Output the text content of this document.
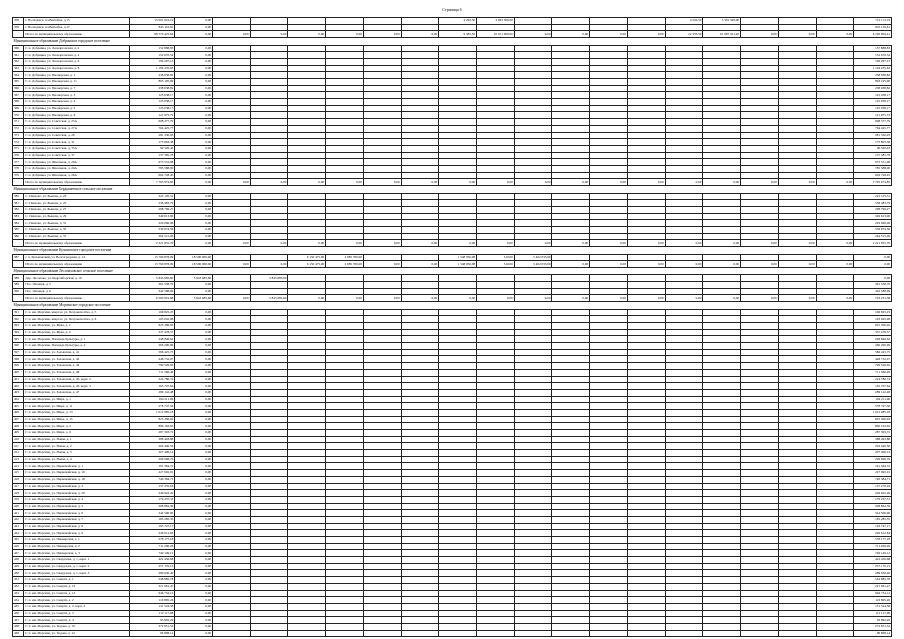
Страница 6
358	г. Волходжск, пл.Ваткобка, д.15	15 001 623,19	0,00							4 292,30	4 903 500,00					4 242,50	5 301 328,00				710 113,19
359	г. Волходжск, пл.Ваткобка, д.17	845 116,81	0,00																		845 116,81
	Итого по муниципальному образованию	98 770 425,64	0,00	0,00	0,00	0,00	0,00	0,00	0,00	9 383,50	10 071 000,00	0,00	0,00	0,00	0,00	22 333,50	61 997 321,20	0,00	0,00	0,00	6 700 094,41
Муниципальное образование Добрянское городское поселение																					
360	Г. п. Добрянка, ул. Леонарговская, д. 2	152 888,83	0,00																		157 888,83
361	Г. п. Добрянка, ул. Леонарговская, д. 4	152 670,54	0,00																		152 670,54
362	Г. п. Добрянка, ул. Леонарговская, д. 6	196 297,13	0,00																		196 297,13
363	Г. п. Добрянка, ул. Леонарговская, д. 8	1 194 235,63	0,00																		1 194 235,63
364	Г. п. Добрянка, ул. Пионерская, д. 1	238 038,82	0,00																		238 038,82
365	Г. п. Добрянка, ул. Пионерская, д. 11	803 195,90	0,00																		803 195,90
366	Г. п. Добрянка, ул. Пионерская, д. 7	238 038,82	0,00																		238 038,82
367	Г. п. Добрянка, ул. Пионерская, д. 3	125 038,17	0,00																		125 038,17
368	Г. п. Добрянка, ул. Пионерская, д. 4	125 038,17	0,00																		125 038,17
369	Г. п. Добрянка, ул. Пионерская, д. 5	125 038,17	0,00																		125 038,17
370	Г. п. Добрянка, ул. Пионерская, д. 6	121 975,72	0,00																		121 975,72
371	Г. п. Добрянка, ул. Советская, д. 25А	608 377,79	0,00																		608 377,79
372	Г. п. Добрянка, ул. Советская, д. 27А	764 425,77	0,00																		764 425,77
373	Г. п. Добрянка, ул. Советская, д. 29	281 330,93	0,00																		281 330,93
374	Г. п. Добрянка, ул. Советская, д. 31	175 803,38	0,00																		175 803,38
375	Г. п. Добрянка, ул. Советская, д. 35А	90 520,43	0,00																		90 520,43
376	Г. п. Добрянка, ул. Советская, д. 37	137 385,78	0,00																		137 385,78
377	Г. п. Добрянка, ул. Школьная, д. 20А	673 531,08	0,00																		673 531,08
378	Г. п. Добрянка, ул. Школьная, д. 24А	785 588,90	0,00																		785 588,90
379	Г. п. Добрянка, ул. Школьная, д. 26А	604 728,45	0,00																		604 728,45
	Итого по муниципальному образованию	7 795 974,85	0,00	0,00	0,00	0,00	0,00	0,00	0,00	0,00	0,00	0,00	0,00	0,00	0,00	0,00	0,00	0,00	0,00	0,00	7 795 974,85
Муниципальное образование Бердышевское сельское поселение																					
380	С. Павлово, ул. Бынова, д. 23	222 105,31	0,00																		222 105,31
381	С. Павлово, ул. Бынова, д. 25	538 483,79	0,00																		538 483,79
382	С. Павлово, ул. Бынова, д. 27	298 796,27	0,00																		298 796,27
383	С. Павлово, ул. Бынова, д. 29	349 613,90	0,00																		349 613,90
384	С. Павлово, ул. Бынова, д. 31	229 090,06	0,00																		229 090,06
385	С. Павлово, ул. Бынова, д. 35	539 074,56	0,00																		539 074,56
386	С. Павлово, ул. Бынова, д. 37	264 515,06	0,00																		264 515,06
	Итого по муниципальному образованию	2 221 855,70	0,00	0,00	0,00	0,00	0,00	0,00	0,00	0,00	0,00	0,00	0,00	0,00	0,00	0,00	0,00	0,00	0,00	0,00	2 221 855,70
Муниципальное образование Кузьмовское городское поселение																					
387	г. п. Кузьмовский, ул. Волгоградская, д. 14	15 790 878,09	18 500 000,00			6 150 475,00	2 685 700,00			1 548 956,08	510,00	5 402 033,99									0,00
	Итого по муниципальному образованию	15 790 878,09	18 500 000,00	0,00	0,00	6 150 475,00	2 685 700,00	0,00	0,00	1 548 956,08	510,00	5 402 033,99	0,00	0,00	0,00	0,00	0,00	0,00	0,00	0,00	0,00
Муниципальное образование Лесопаховское сельское поселение																					
388	Дер. Лесопово, ул. Кедровборская, д. 10	5 843 685,60	5 843 685,60		5 843 685,60																0,00
389	Пос. Овсецев, д. 5	361 538,70	0,00																		361 538,70
390	Пос. Овсецев, д. 6	342 588,99	0,00																		342 588,99
	Итого по муниципальному образованию	6 560 919,88	5 843 685,60	0,00	5 843 685,60	0,00	0,00	0,00	0,00	0,00	0,00	0,00	0,00	0,00	0,00	0,00	0,00	0,00	0,00	0,00	703 231,38
Муниципальное образование Моргинское городское поселение																					
391	Г. п. им. Моргина, квартал. ул. Петровскоттна, д. 5	166 825,25	0,00																		166 825,25
392	Г. п. им. Моргина, квартал. ул. Петровскоттна, д. 6	193 045,96	0,00																		193 045,96
393	Г. п. им. Моргина, ул. Жука, д. 2	825 396,92	0,00																		825 396,92
394	Г. п. им. Моргина, ул. Жука, д. 4	337 478,57	0,00																		337 478,57
395	Г. п. им. Моргина, Площадь Культуры, д. 1	248 846,62	0,00																		248 846,62
396	Г. п. им. Моргина, Площадь Культуры, д. 2	266 290,99	0,00																		266 290,99
397	Г. п. им. Моргина, ул. Заложская, д. 41	586 425,75	0,00																		586 425,75
398	Г. п. им. Моргина, ул. Заложская, д. 42	448 732,07	0,00																		448 732,07
399	Г. п. им. Моргина, ул. Заложская, д. 44	799 526,92	0,00																		799 526,92
400	Г. п. им. Моргина, ул. Заложская, д. 46	711 566,49	0,00																		711 566,49
401	Г. п. им. Моргина, ул. Заложская, д. 45, корп. 2	224 780,74	0,00																		224 780,74
402	Г. п. им. Моргина, ул. Заложская, д. 45, корп. 3	165 707,64	0,00																		165 707,64
403	Г. п. им. Моргина, ул. Заложская, д. 47	289 142,48	0,00																		289 142,48
404	Г. п. им. Моргина, ул. Мира, д. 1	194 211,96	0,00																		194 211,96
405	Г. п. им. Моргина, ул. Мира, д. 11	578 747,56	0,00																		578 747,56
406	Г. п. им. Моргина, ул. Мира, д. 13	1 012 985,18	0,00																		1 012 985,18
407	Г. п. им. Моргина, ул. Мира, д. 15	825 396,92	0,00																		825 396,92
408	Г. п. им. Моргина, ул. Мира, д. 2	890 163,65	0,00																		890 163,65
409	Г. п. им. Моргина, ул. Мира, д. 9	287 393,72	0,00																		287 393,72
410	Г. п. им. Моргина, ул. Новая, д. 1	388 493,88	0,00																		388 493,88
411	Г. п. им. Моргина, ул. Новая, д. 2	204 440,56	0,00																		204 440,56
412	Г. п. им. Моргина, ул. Новая, д. 3	207 406,14	0,00																		207 406,14
413	Г. п. им. Моргина, ул. Новая, д. 4	209 006,76	0,00																		209 006,76
414	Г. п. им. Моргина, ул. Первомайская, д. 1	191 364,72	0,00																		191 364,72
415	Г. п. им. Моргина, ул. Первомайская, д. 10	227 902,91	0,00																		227 902,91
416	Г. п. им. Моргина, ул. Первомайская, д. 18	740 384,71	0,00																		740 384,71
417	Г. п. им. Моргина, ул. Первомайская, д. 2	157 270,03	0,00																		157 270,03
418	Г. п. им. Моргина, ул. Первомайская, д. 20	246 922,20	0,00																		246 922,20
419	Г. п. им. Моргина, ул. Первомайская, д. 4	179 237,31	0,00																		179 237,31
420	Г. п. им. Моргина, ул. Первомайская, д. 5	208 864,39	0,00																		208 864,39
421	Г. п. им. Моргина, ул. Первомайская, д. 6	544 500,90	0,00																		544 500,90
422	Г. п. им. Моргина, ул. Первомайская, д. 7	185 285,35	0,00																		185 285,35
423	Г. п. им. Моргина, ул. Первомайская, д. 8	193 747,17	0,00																		193 747,17
424	Г. п. им. Моргина, ул. Первомайская, д. 9	249 612,83	0,00																		249 612,83
425	Г. п. им. Моргина, ул. Пионерская, д. 1	578 177,18	0,00																		578 177,18
426	Г. п. им. Моргина, ул. Пионерская, д. 2	711 206,26	0,00																		711 206,26
427	Г. п. им. Моргина, ул. Пионерская, д. 3	749 149,12	0,00																		749 149,12
428	Г. п. им. Моргина, ул. Свердлова, д. 1, корп. 1	422 456,68	0,00																		422 456,68
429	Г. п. им. Моргина, ул. Свердлова, д. 1, корп. 2	257 170,15	0,00																		257 170,15
430	Г. п. им. Моргина, ул. Свердлова, д. 1, корп. 3	289 630,40	0,00																		289 630,40
431	Г. п. им. Моргина, ул. Смерти, д. 1	548 885,78	0,00																		544 885,78
432	Г. п. им. Моргина, ул. Смерти, д. 10	221 961,47	0,00																		221 961,47
433	Г. п. им. Моргина, ул. Смерти, д. 12	946 734,12	0,00																		946 734,12
434	Г. п. им. Моргина, ул. Смерти, д. 2	116 895,26	0,00																		116 895,26
435	Г. п. им. Моргина, ул. Смерти, д. 2, корп. 2	131 524,58	0,00																		131 524,58
436	Г. п. им. Моргина, ул. Смерти, д. 3	112 117,08	0,00																		112 117,08
437	Г. п. им. Моргина, ул. Смерти, д. 4	93 892,29	0,00																		93 892,29
438	Г. п. им. Моргина, ул. Ходова, д. 10	272 651,52	0,00																		272 651,52
439	Г. п. им. Моргина, ул. Ходова, д. 12	96 808,14	0,00																		96 808,14
